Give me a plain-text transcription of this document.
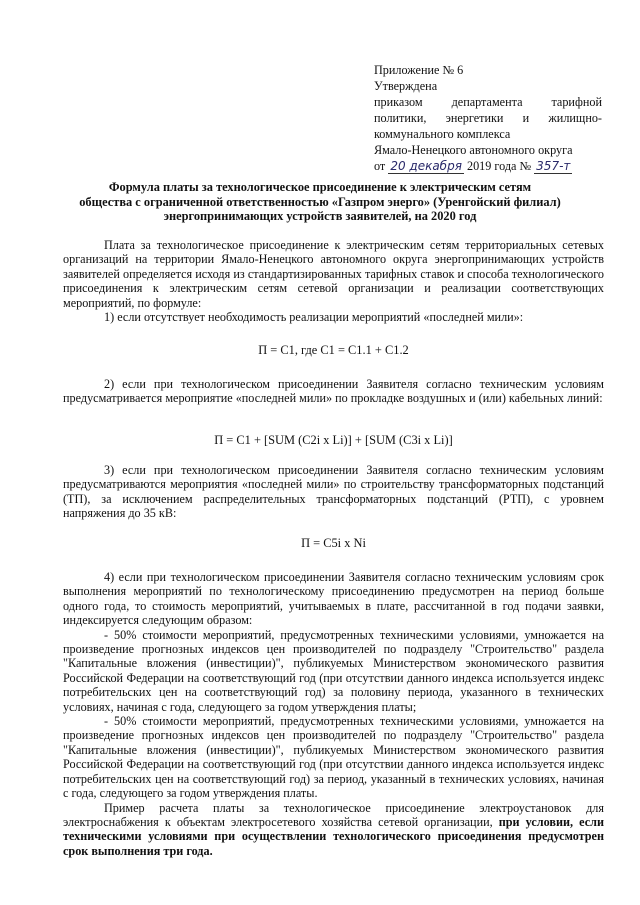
Приложение № 6
Утверждена
приказом департамента тарифной
политики, энергетики и жилищно-
коммунального комплекса
Ямало-Ненецкого автономного округа
от 20 декабря 2019 года № 357-т
Формула платы за технологическое присоединение к электрическим сетям
общества с ограниченной ответственностью «Газпром энерго» (Уренгойский филиал)
энергопринимающих устройств заявителей, на 2020 год

Плата за технологическое присоединение к электрическим сетям территориальных сетевых организаций на территории Ямало-Ненецкого автономного округа энергопринимающих устройств заявителей определяется исходя из стандартизированных тарифных ставок и способа технологического присоединения к электрическим сетям сетевой организации и реализации соответствующих мероприятий, по формуле:

1) если отсутствует необходимость реализации мероприятий «последней мили»:

П = С1, где С1 = С1.1 + С1.2

2) если при технологическом присоединении Заявителя согласно техническим условиям предусматривается мероприятие «последней мили» по прокладке воздушных и (или) кабельных линий:

П = С1 + [SUM (С2i x Li)] + [SUM (С3i x Li)]

3) если при технологическом присоединении Заявителя согласно техническим условиям предусматриваются мероприятия «последней мили» по строительству трансформаторных подстанций (ТП), за исключением распределительных трансформаторных подстанций (РТП), с уровнем напряжения до 35 кВ:

П = С5i x Ni

4) если при технологическом присоединении Заявителя согласно техническим условиям срок выполнения мероприятий по технологическому присоединению предусмотрен на период больше одного года, то стоимость мероприятий, учитываемых в плате, рассчитанной в год подачи заявки, индексируется следующим образом:

- 50% стоимости мероприятий, предусмотренных техническими условиями, умножается на произведение прогнозных индексов цен производителей по подразделу "Строительство" раздела "Капитальные вложения (инвестиции)", публикуемых Министерством экономического развития Российской Федерации на соответствующий год (при отсутствии данного индекса используется индекс потребительских цен на соответствующий год) за половину периода, указанного в технических условиях, начиная с года, следующего за годом утверждения платы;

- 50% стоимости мероприятий, предусмотренных техническими условиями, умножается на произведение прогнозных индексов цен производителей по подразделу "Строительство" раздела "Капитальные вложения (инвестиции)", публикуемых Министерством экономического развития Российской Федерации на соответствующий год (при отсутствии данного индекса используется индекс потребительских цен на соответствующий год) за период, указанный в технических условиях, начиная с года, следующего за годом утверждения платы.

Пример расчета платы за технологическое присоединение электроустановок для электроснабжения к объектам электросетевого хозяйства сетевой организации, при условии, если техническими условиями при осуществлении технологического присоединения предусмотрен срок выполнения три года.
